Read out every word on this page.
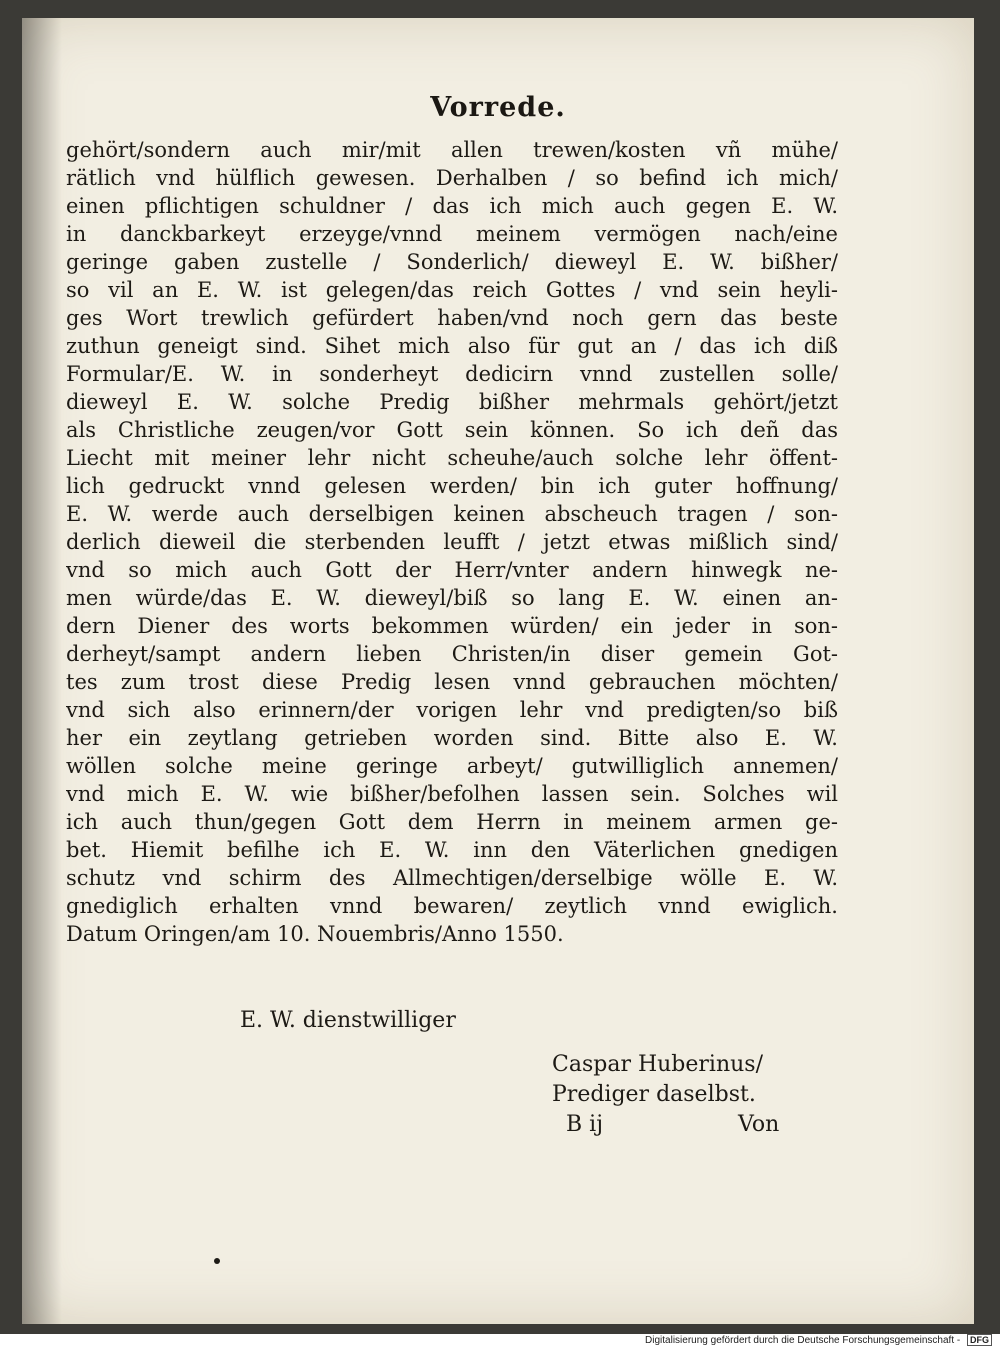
Vorrede.
gehört/sondern auch mir/mit allen trewen/kosten vñ mühe/
rätlich vnd hülflich gewesen. Derhalben / so befind ich mich/
einen pflichtigen schuldner / das ich mich auch gegen E. W.
in danckbarkeyt erzeyge/vnnd meinem vermögen nach/eine
geringe gaben zustelle / Sonderlich/ dieweyl E. W. bißher/
so vil an E. W. ist gelegen/das reich Gottes / vnd sein heyli-
ges Wort trewlich gefürdert haben/vnd noch gern das beste
zuthun geneigt sind. Sihet mich also für gut an / das ich diß
Formular/E. W. in sonderheyt dedicirn vnnd zustellen solle/
dieweyl E. W. solche Predig bißher mehrmals gehört/jetzt
als Christliche zeugen/vor Gott sein können. So ich deñ das
Liecht mit meiner lehr nicht scheuhe/auch solche lehr öffent-
lich gedruckt vnnd gelesen werden/ bin ich guter hoffnung/
E. W. werde auch derselbigen keinen abscheuch tragen / son-
derlich dieweil die sterbenden leufft / jetzt etwas mißlich sind/
vnd so mich auch Gott der Herr/vnter andern hinwegk ne-
men würde/das E. W. dieweyl/biß so lang E. W. einen an-
dern Diener des worts bekommen würden/ ein jeder in son-
derheyt/sampt andern lieben Christen/in diser gemein Got-
tes zum trost diese Predig lesen vnnd gebrauchen möchten/
vnd sich also erinnern/der vorigen lehr vnd predigten/so biß
her ein zeytlang getrieben worden sind. Bitte also E. W.
wöllen solche meine geringe arbeyt/ gutwilliglich annemen/
vnd mich E. W. wie bißher/befolhen lassen sein. Solches wil
ich auch thun/gegen Gott dem Herrn in meinem armen ge-
bet. Hiemit befilhe ich E. W. inn den Väterlichen gnedigen
schutz vnd schirm des Allmechtigen/derselbige wölle E. W.
gnediglich erhalten vnnd bewaren/ zeytlich vnnd ewiglich.
Datum Oringen/am 10. Nouembris/Anno 1550.
E. W. dienstwilliger
Caspar Huberinus/
Prediger daselbst.
B ij	Von
Digitalisierung gefördert durch die Deutsche Forschungsgemeinschaft - DFG
